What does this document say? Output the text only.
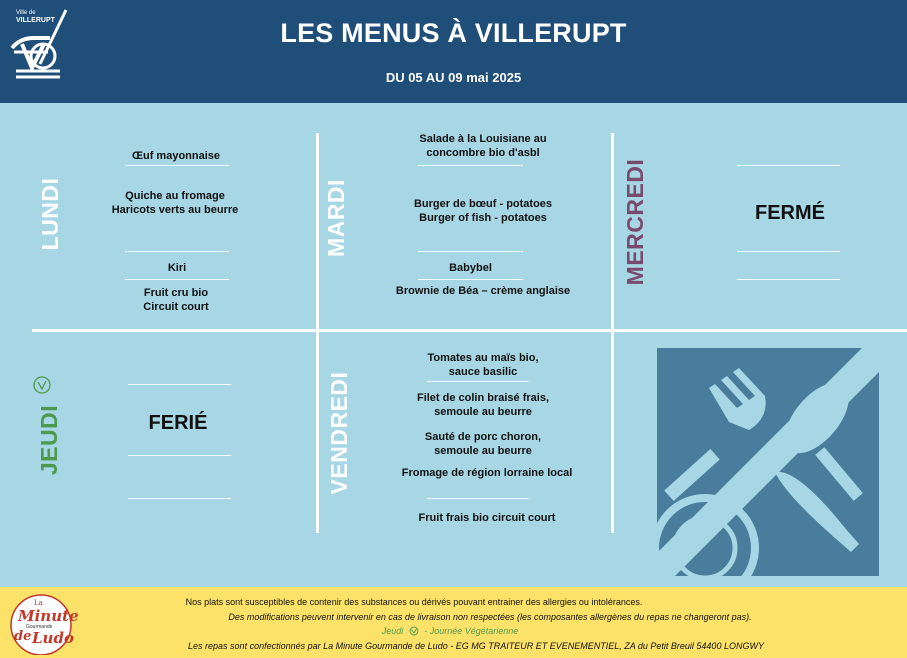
Ville de
VILLERUPT	LES MENUS À VILLERUPT
DU 05 AU 09 mai 2025
LUNDI
Œuf mayonnaise
Quiche au fromage
Haricots verts au beurre
Kiri
Fruit cru bio
Circuit court
MARDI
Salade à la Louisiane au
concombre bio d'asbl
Burger de bœuf - potatoes
Burger of fish - potatoes
Babybel
Brownie de Béa – crème anglaise
MERCREDI	FERMÉ
JEUDI	FERIÉ	VENDREDI
Tomates au maïs bio,
sauce basilic
Filet de colin braisé frais,
semoule au beurre
Sauté de porc choron,
semoule au beurre
Fromage de région lorraine local
Fruit frais bio circuit court
La
Minute
Gourmande
de Ludo
Nos plats sont susceptibles de contenir des substances ou dérivés pouvant entrainer des allergies ou intolérances.
Des modifications peuvent intervenir en cas de livraison non respectées (les composantes allergènes du repas ne changeront pas).
Jeudi - Journée Végétarienne
Les repas sont confectionnés par La Minute Gourmande de Ludo - EG MG TRAITEUR ET EVENEMENTIEL, ZA du Petit Breuil 54400 LONGWY
